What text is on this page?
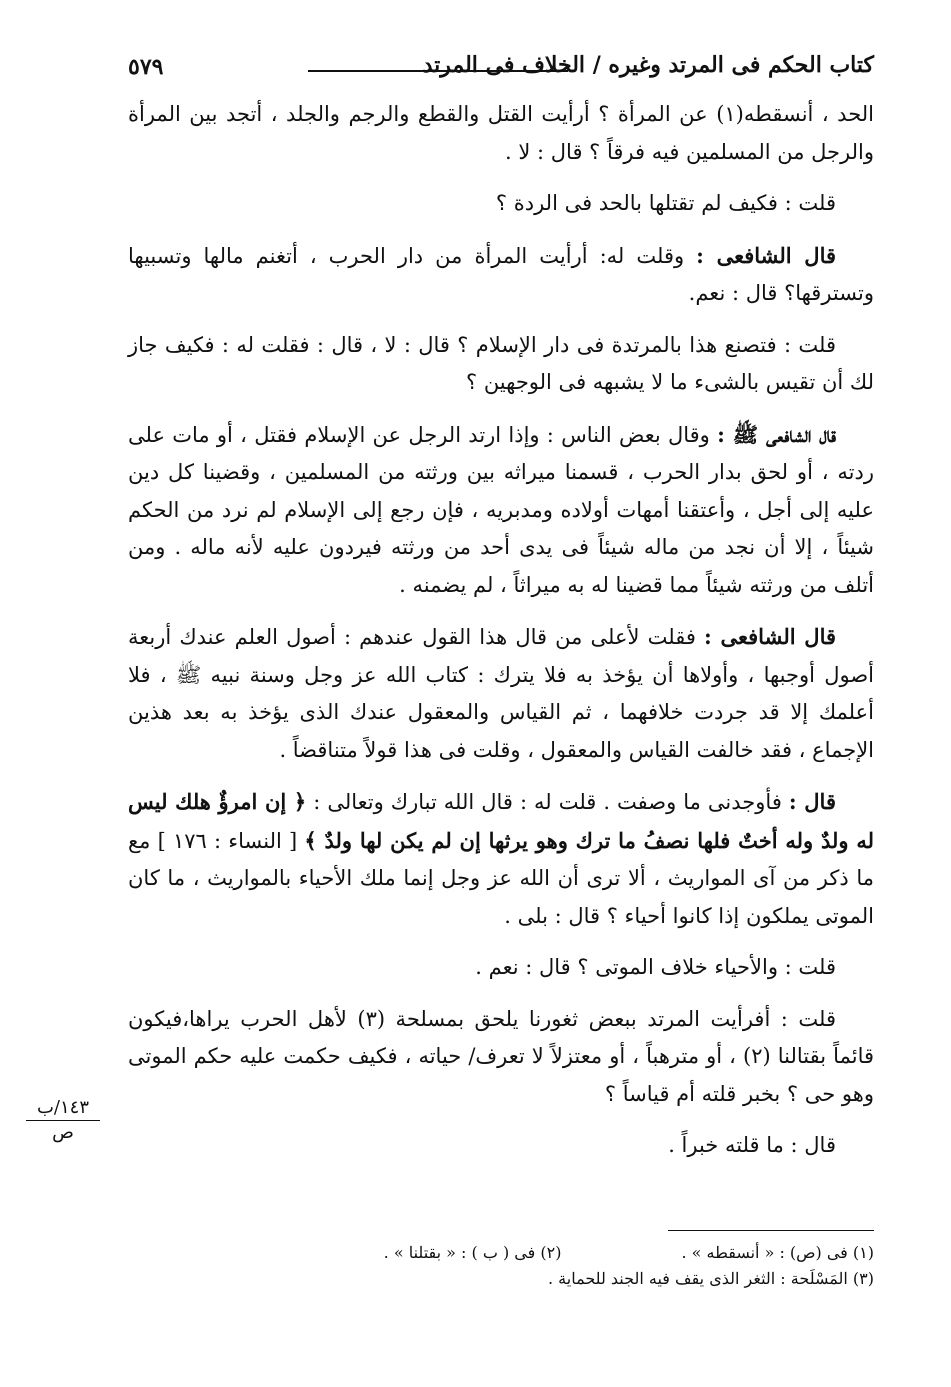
٥٧٩	كتاب الحكم فى المرتد وغيره / الخلاف فى المرتد

الحد ، أنسقطه(١) عن المرأة ؟ أرأيت القتل والقطع والرجم والجلد ، أتجد بين المرأة والرجل من المسلمين فيه فرقاً ؟ قال : لا .

قلت : فكيف لم تقتلها بالحد فى الردة ؟

قال الشافعى : وقلت له: أرأيت المرأة من دار الحرب ، أتغنم مالها وتسبيها وتسترقها؟ قال : نعم.

قلت : فتصنع هذا بالمرتدة فى دار الإسلام ؟ قال : لا ، قال : فقلت له : فكيف جاز لك أن تقيس بالشىء ما لا يشبهه فى الوجهين ؟

قال الشافعى ﷺ : وقال بعض الناس : وإذا ارتد الرجل عن الإسلام فقتل ، أو مات على ردته ، أو لحق بدار الحرب ، قسمنا ميراثه بين ورثته من المسلمين ، وقضينا كل دين عليه إلى أجل ، وأعتقنا أمهات أولاده ومدبريه ، فإن رجع إلى الإسلام لم نرد من الحكم شيئاً ، إلا أن نجد من ماله شيئاً فى يدى أحد من ورثته فيردون عليه لأنه ماله . ومن أتلف من ورثته شيئاً مما قضينا له به ميراثاً ، لم يضمنه .

قال الشافعى : فقلت لأعلى من قال هذا القول عندهم : أصول العلم عندك أربعة أصول أوجبها ، وأولاها أن يؤخذ به فلا يترك : كتاب الله عز وجل وسنة نبيه ﷺ ، فلا أعلمك إلا قد جردت خلافهما ، ثم القياس والمعقول عندك الذى يؤخذ به بعد هذين الإجماع ، فقد خالفت القياس والمعقول ، وقلت فى هذا قولاً متناقضاً .

قال : فأوجدنى ما وصفت . قلت له : قال الله تبارك وتعالى : ﴿ إن امرؤٌ هلك ليس له ولدٌ وله أختٌ فلها نصفُ ما ترك وهو يرثها إن لم يكن لها ولدٌ ﴾ [ النساء : ١٧٦ ] مع ما ذكر من آى المواريث ، ألا ترى أن الله عز وجل إنما ملك الأحياء بالمواريث ، ما كان الموتى يملكون إذا كانوا أحياء ؟ قال : بلى .

قلت : والأحياء خلاف الموتى ؟ قال : نعم .

قلت : أفرأيت المرتد ببعض ثغورنا يلحق بمسلحة (٣) لأهل الحرب يراها،فيكون قائماً بقتالنا (٢) ، أو مترهباً ، أو معتزلاً لا تعرف/ حياته ، فكيف حكمت عليه حكم الموتى وهو حى ؟ بخبر قلته أم قياساً ؟

قال : ما قلته خبراً .

١٤٣/ب
ص
(١) فى (ص) : « أنسقطه » .
(٢) فى ( ب ) : « بقتلنا » .
(٣) المَسْلَحة : الثغر الذى يقف فيه الجند للحماية .
